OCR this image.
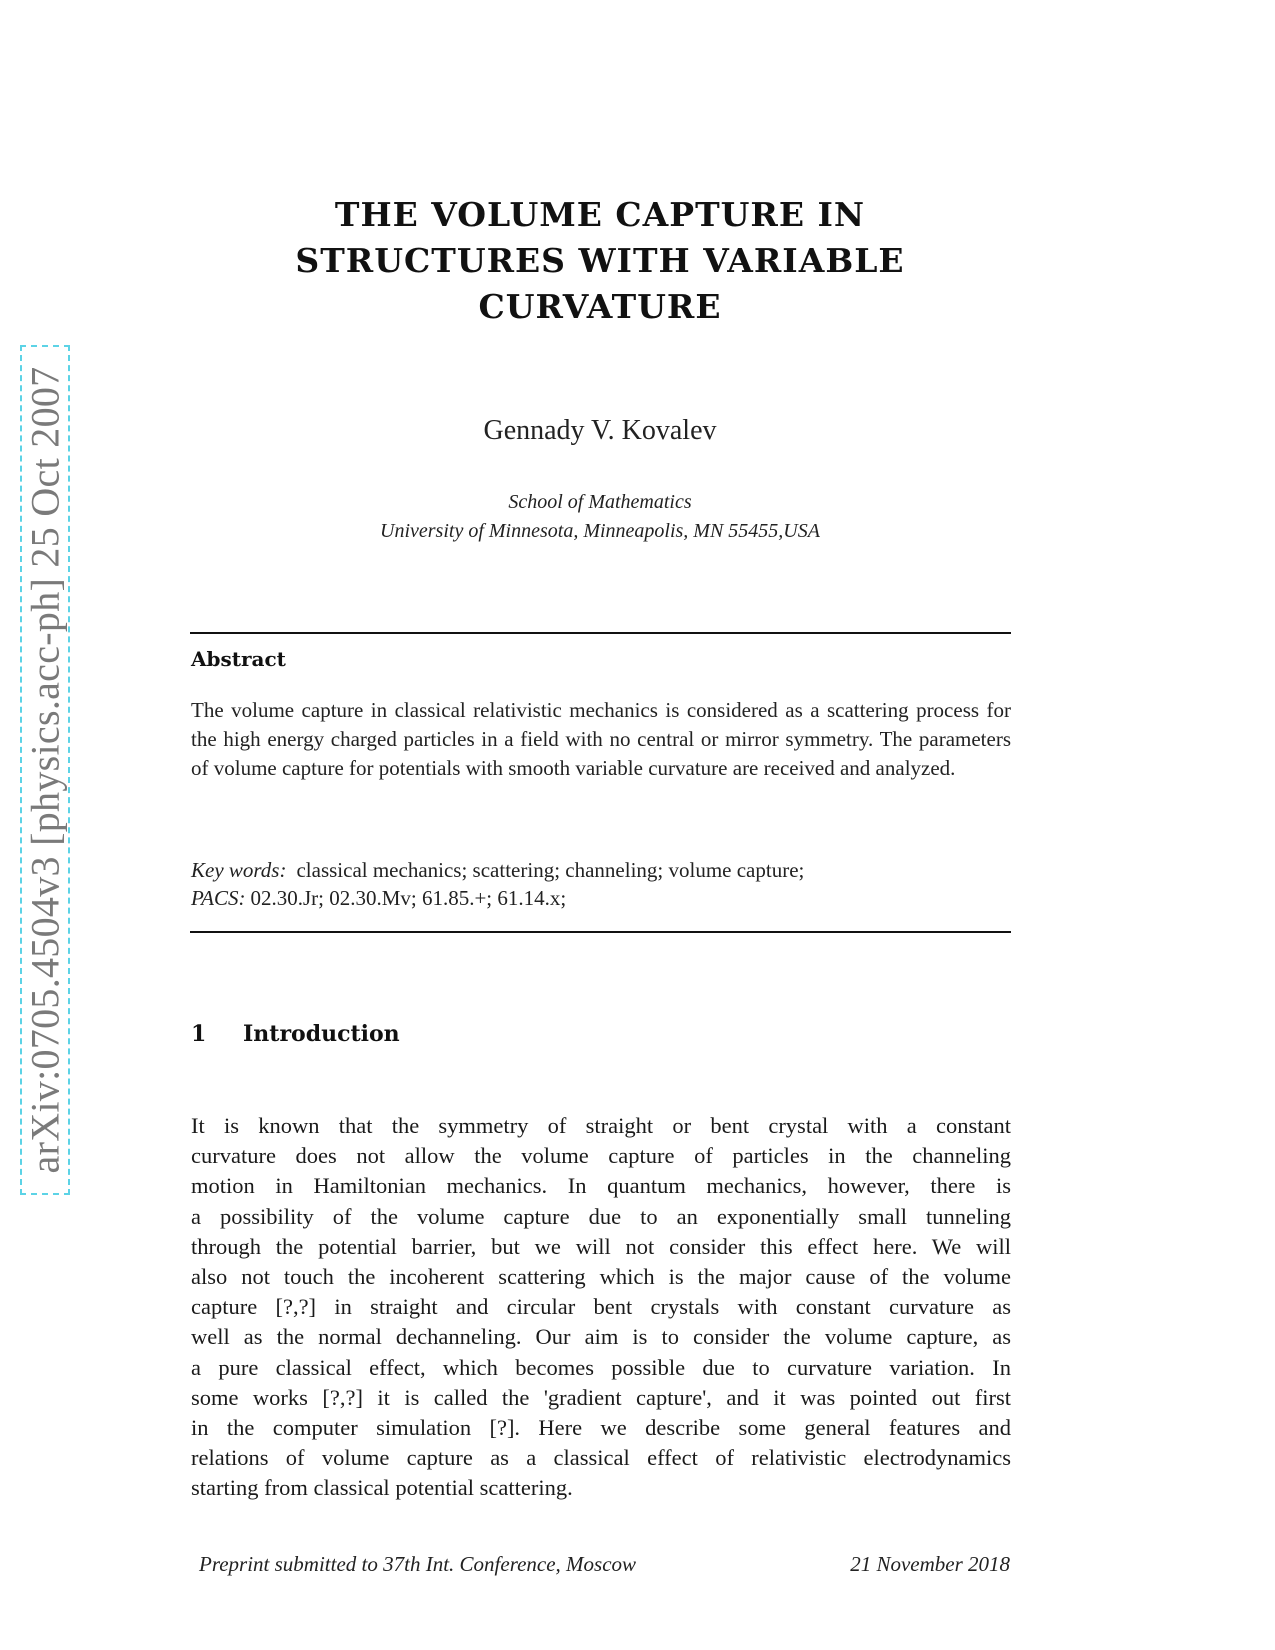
arXiv:0705.4504v3 [physics.acc-ph] 25 Oct 2007
THE VOLUME CAPTURE IN
STRUCTURES WITH VARIABLE
CURVATURE
Gennady V. Kovalev
School of Mathematics
University of Minnesota, Minneapolis, MN 55455,USA
Abstract
The volume capture in classical relativistic mechanics is considered as a scattering process for the high energy charged particles in a field with no central or mirror symmetry. The parameters of volume capture for potentials with smooth variable curvature are received and analyzed.
Key words: classical mechanics; scattering; channeling; volume capture;
PACS: 02.30.Jr; 02.30.Mv; 61.85.+; 61.14.x;
1 Introduction
It is known that the symmetry of straight or bent crystal with a constant
curvature does not allow the volume capture of particles in the channeling
motion in Hamiltonian mechanics. In quantum mechanics, however, there is
a possibility of the volume capture due to an exponentially small tunneling
through the potential barrier, but we will not consider this effect here. We will
also not touch the incoherent scattering which is the major cause of the volume
capture [?,?] in straight and circular bent crystals with constant curvature as
well as the normal dechanneling. Our aim is to consider the volume capture, as
a pure classical effect, which becomes possible due to curvature variation. In
some works [?,?] it is called the 'gradient capture', and it was pointed out first
in the computer simulation [?]. Here we describe some general features and
relations of volume capture as a classical effect of relativistic electrodynamics
starting from classical potential scattering.
Preprint submitted to 37th Int. Conference, Moscow	21 November 2018
